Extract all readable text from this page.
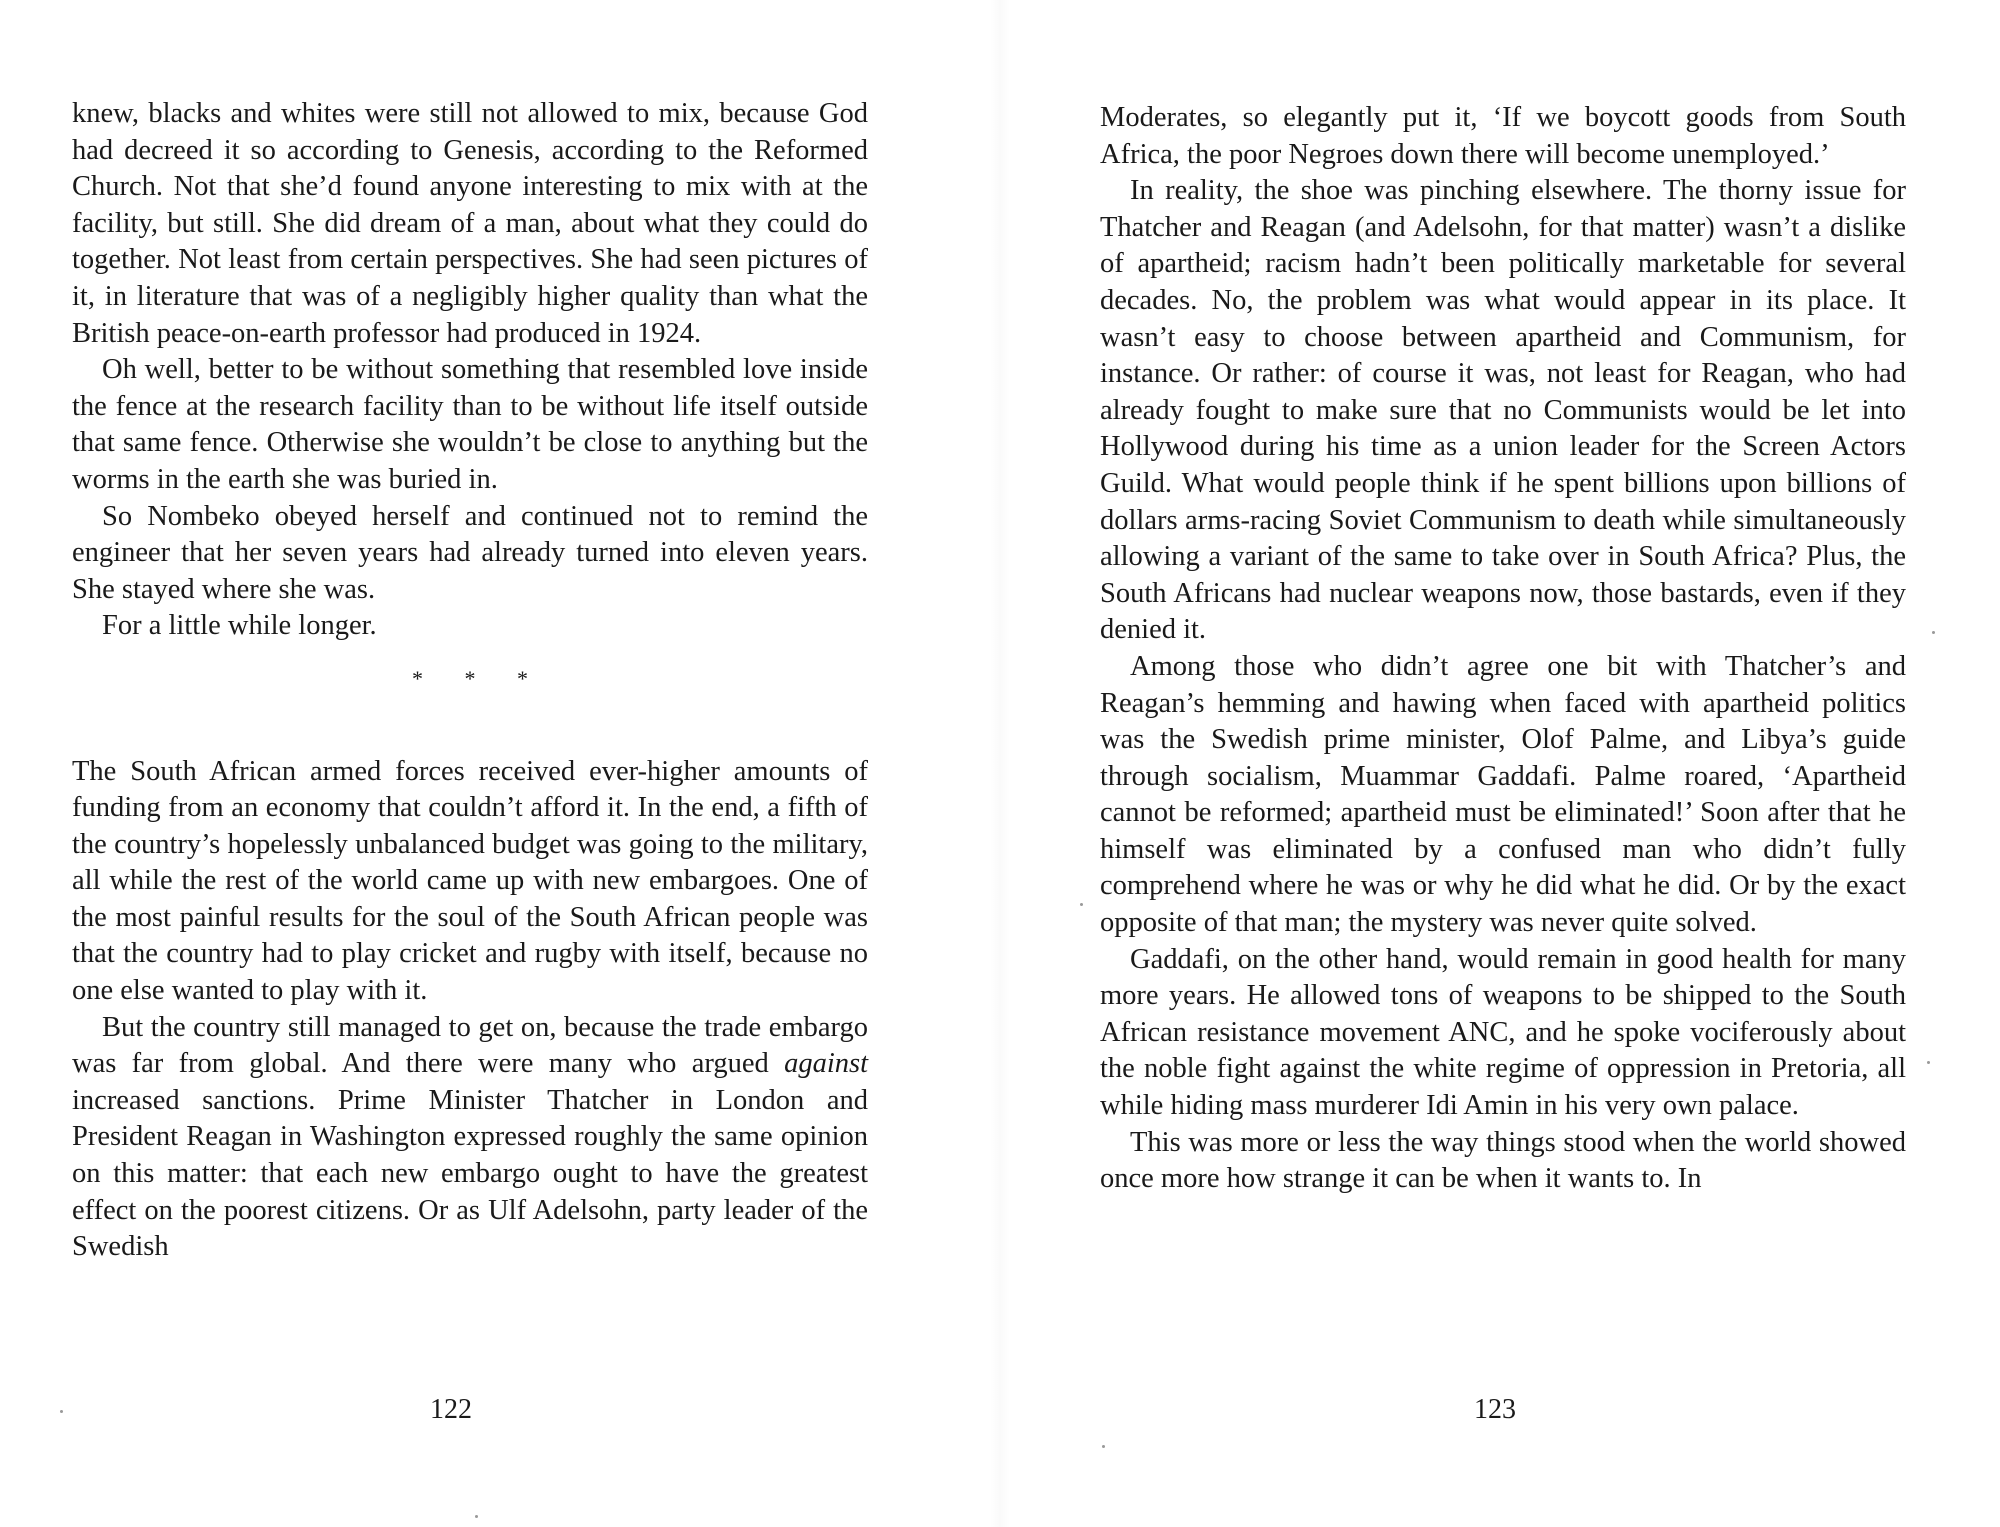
knew, blacks and whites were still not allowed to mix, because God had decreed it so according to Genesis, according to the Reformed Church. Not that she’d found anyone interesting to mix with at the facility, but still. She did dream of a man, about what they could do together. Not least from certain perspectives. She had seen pictures of it, in literature that was of a negligibly higher quality than what the British peace-on-earth professor had produced in 1924.

Oh well, better to be without something that resembled love inside the fence at the research facility than to be without life itself outside that same fence. Otherwise she wouldn’t be close to anything but the worms in the earth she was buried in.

So Nombeko obeyed herself and continued not to remind the engineer that her seven years had already turned into eleven years. She stayed where she was.

For a little while longer.

* * *

The South African armed forces received ever-higher amounts of funding from an economy that couldn’t afford it. In the end, a fifth of the country’s hopelessly unbalanced budget was going to the military, all while the rest of the world came up with new embargoes. One of the most painful results for the soul of the South African people was that the country had to play cricket and rugby with itself, because no one else wanted to play with it.

But the country still managed to get on, because the trade embargo was far from global. And there were many who argued against increased sanctions. Prime Minister Thatcher in London and President Reagan in Washington expressed roughly the same opinion on this matter: that each new embargo ought to have the greatest effect on the poorest citizens. Or as Ulf Adelsohn, party leader of the Swedish

122

Moderates, so elegantly put it, ‘If we boycott goods from South Africa, the poor Negroes down there will become unemployed.’

In reality, the shoe was pinching elsewhere. The thorny issue for Thatcher and Reagan (and Adelsohn, for that matter) wasn’t a dislike of apartheid; racism hadn’t been politically marketable for several decades. No, the problem was what would appear in its place. It wasn’t easy to choose between apartheid and Communism, for instance. Or rather: of course it was, not least for Reagan, who had already fought to make sure that no Communists would be let into Hollywood during his time as a union leader for the Screen Actors Guild. What would people think if he spent billions upon billions of dollars arms-racing Soviet Communism to death while simultaneously allowing a variant of the same to take over in South Africa? Plus, the South Africans had nuclear weapons now, those bastards, even if they denied it.

Among those who didn’t agree one bit with Thatcher’s and Reagan’s hemming and hawing when faced with apartheid politics was the Swedish prime minister, Olof Palme, and Libya’s guide through socialism, Muammar Gaddafi. Palme roared, ‘Apartheid cannot be reformed; apartheid must be eliminated!’ Soon after that he himself was eliminated by a confused man who didn’t fully comprehend where he was or why he did what he did. Or by the exact opposite of that man; the mystery was never quite solved.

Gaddafi, on the other hand, would remain in good health for many more years. He allowed tons of weapons to be shipped to the South African resistance movement ANC, and he spoke vociferously about the noble fight against the white regime of oppression in Pretoria, all while hiding mass murderer Idi Amin in his very own palace.

This was more or less the way things stood when the world showed once more how strange it can be when it wants to. In

123
